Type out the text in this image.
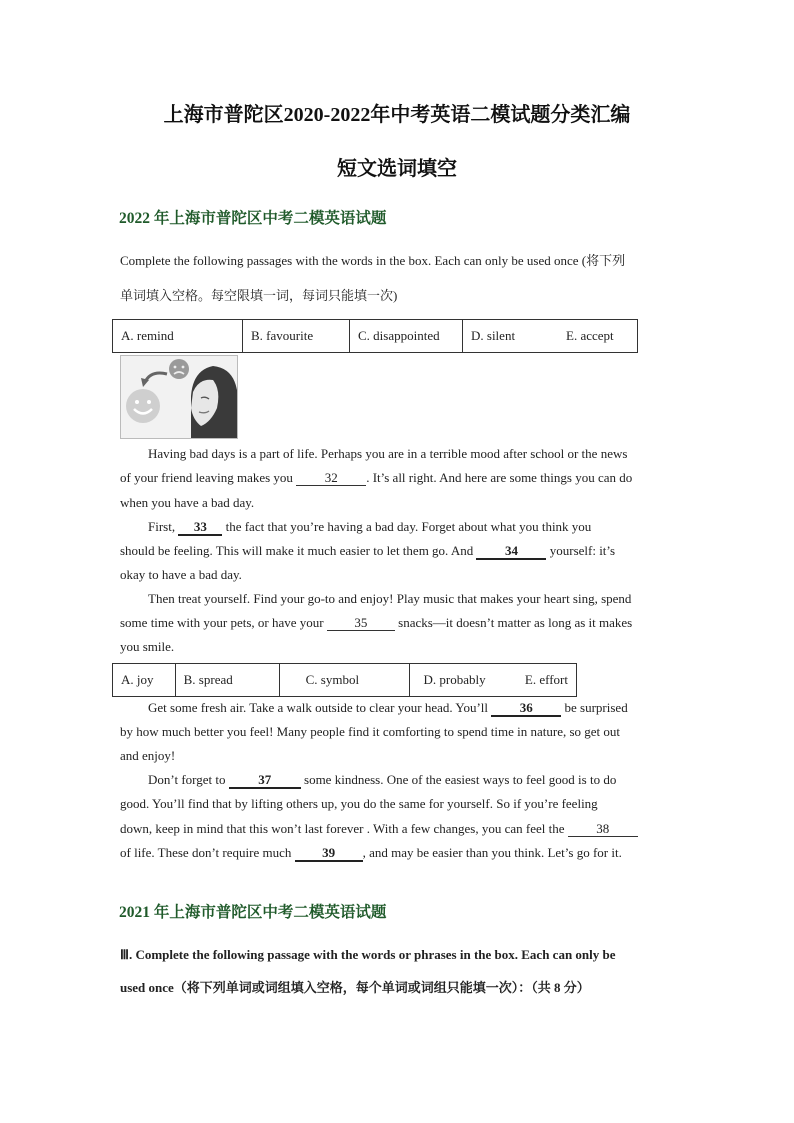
上海市普陀区2020-2022年中考英语二模试题分类汇编
短文选词填空
2022 年上海市普陀区中考二模英语试题
Complete the following passages with the words in the box. Each can only be used once (将下列
单词填入空格。每空限填一词，每词只能填一次)
A. remind	B. favourite	C. disappointed	D. silent	E. accept
Having bad days is a part of life. Perhaps you are in a terrible mood after school or the news
of your friend leaving makes you 32 . It’s all right. And here are some things you can do
when you have a bad day.
First, 33 the fact that you’re having a bad day. Forget about what you think you
should be feeling. This will make it much easier to let them go. And 34 yourself: it’s
okay to have a bad day.
Then treat yourself. Find your go-to and enjoy! Play music that makes your heart sing, spend
some time with your pets, or have your 35 snacks—it doesn’t matter as long as it makes
you smile.
A. joy	B. spread	C. symbol	D. probably	E. effort
Get some fresh air. Take a walk outside to clear your head. You’ll 36 be surprised
by how much better you feel! Many people find it comforting to spend time in nature, so get out
and enjoy!
Don’t forget to 37 some kindness. One of the easiest ways to feel good is to do
good. You’ll find that by lifting others up, you do the same for yourself. So if you’re feeling
down, keep in mind that this won’t last forever . With a few changes, you can feel the 38
of life. These don’t require much 39 , and may be easier than you think. Let’s go for it.
2021 年上海市普陀区中考二模英语试题
Ⅲ. Complete the following passage with the words or phrases in the box. Each can only be
used once（将下列单词或词组填入空格，每个单词或词组只能填一次）：（共 8 分）
